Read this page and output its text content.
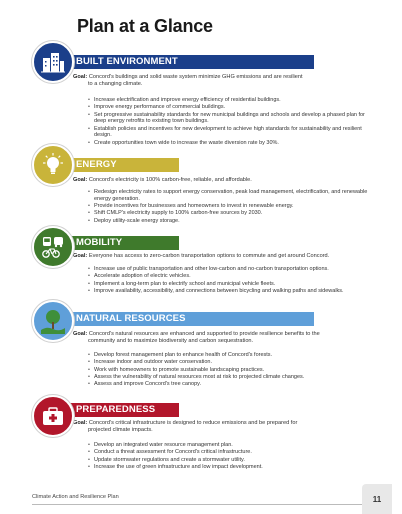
Plan at a Glance
BUILT ENVIRONMENT
Goal: Concord's buildings and solid waste system minimize GHG emissions and are resilient
to a changing climate.
• Increase electrification and improve energy efficiency of residential buildings.
• Improve energy performance of commercial buildings.
• Set progressive sustainability standards for new municipal buildings and schools and develop a phased plan for deep energy retrofits to existing town buildings.
• Establish policies and incentives for new development to achieve high standards for sustainability and resilient design.
• Create opportunities town wide to increase the waste diversion rate by 30%.
ENERGY
Goal: Concord's electricity is 100% carbon-free, reliable, and affordable.
• Redesign electricity rates to support energy conservation, peak load management, electrification, and renewable energy generation.
• Provide incentives for businesses and homeowners to invest in renewable energy.
• Shift CMLP's electricity supply to 100% carbon-free sources by 2030.
• Deploy utility-scale energy storage.
MOBILITY
Goal: Everyone has access to zero-carbon transportation options to commute and get around Concord.
• Increase use of public transportation and other low-carbon and no-carbon transportation options.
• Accelerate adoption of electric vehicles.
• Implement a long-term plan to electrify school and municipal vehicle fleets.
• Improve availability, accessibility, and connections between bicycling and walking paths and sidewalks.
NATURAL RESOURCES
Goal: Concord's natural resources are enhanced and supported to provide resilience benefits to the
community and to maximize biodiversity and carbon sequestration.
• Develop forest management plan to enhance health of Concord's forests.
• Increase indoor and outdoor water conservation.
• Work with homeowners to promote sustainable landscaping practices.
• Assess the vulnerability of natural resources most at risk to projected climate changes.
• Assess and improve Concord's tree canopy.
PREPAREDNESS
Goal: Concord's critical infrastructure is designed to reduce emissions and be prepared for
projected climate impacts.
• Develop an integrated water resource management plan.
• Conduct a threat assessment for Concord's critical infrastructure.
• Update stormwater regulations and create a stormwater utility.
• Increase the use of green infrastructure and low impact development.
Climate Action and Resilience Plan	11
